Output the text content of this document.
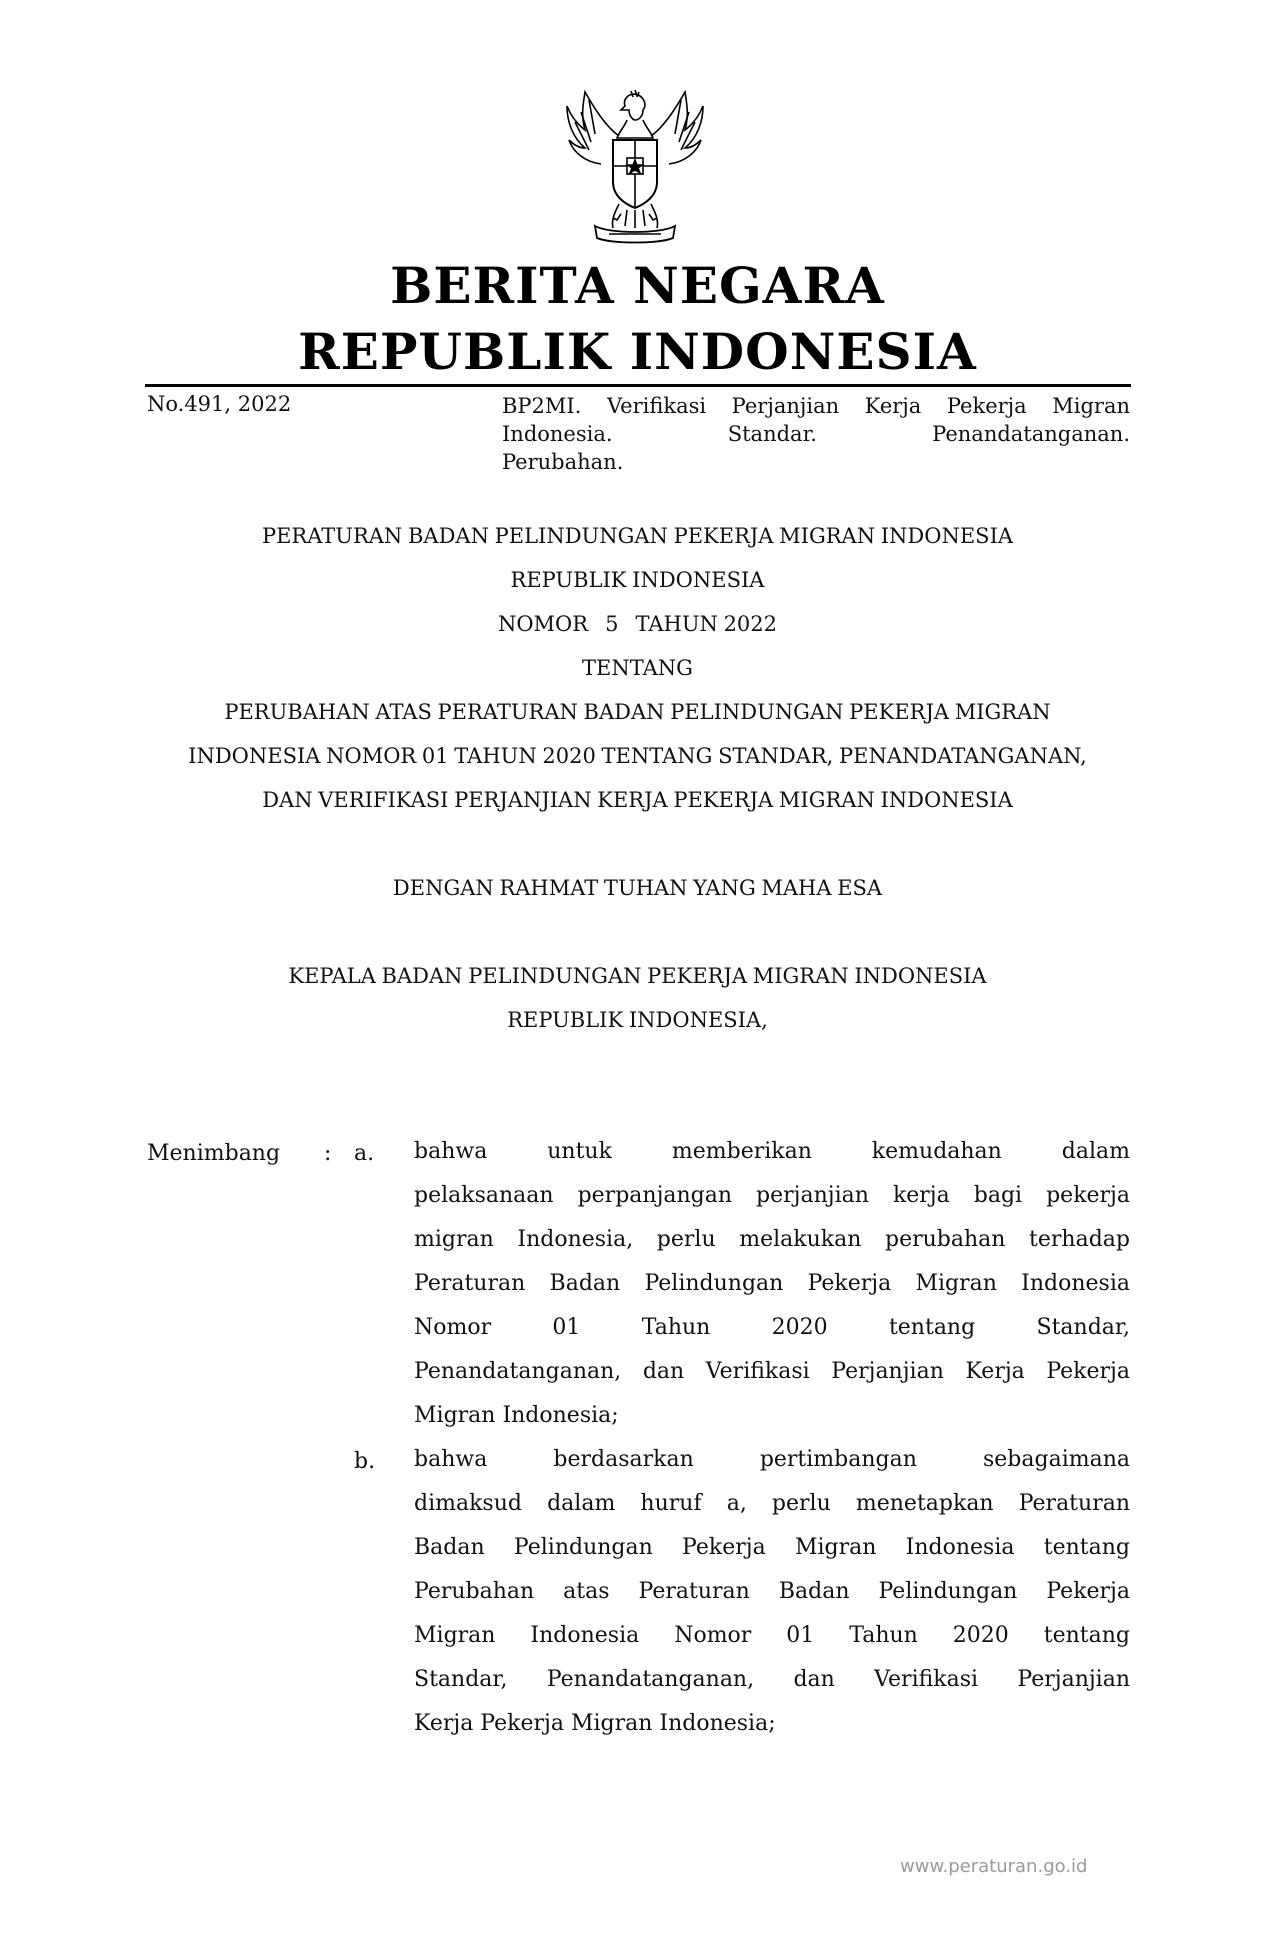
BERITA NEGARA
REPUBLIK INDONESIA
No.491, 2022	BP2MI. Verifikasi Perjanjian Kerja Pekerja Migran
Indonesia. Standar. Penandatanganan.
Perubahan.
PERATURAN BADAN PELINDUNGAN PEKERJA MIGRAN INDONESIA
REPUBLIK INDONESIA
NOMOR   5   TAHUN 2022
TENTANG
PERUBAHAN ATAS PERATURAN BADAN PELINDUNGAN PEKERJA MIGRAN
INDONESIA NOMOR 01 TAHUN 2020 TENTANG STANDAR, PENANDATANGANAN,
DAN VERIFIKASI PERJANJIAN KERJA PEKERJA MIGRAN INDONESIA
DENGAN RAHMAT TUHAN YANG MAHA ESA
KEPALA BADAN PELINDUNGAN PEKERJA MIGRAN INDONESIA
REPUBLIK INDONESIA,
Menimbang : a. bahwa untuk memberikan kemudahan dalam
pelaksanaan perpanjangan perjanjian kerja bagi pekerja
migran Indonesia, perlu melakukan perubahan terhadap
Peraturan Badan Pelindungan Pekerja Migran Indonesia
Nomor 01 Tahun 2020 tentang Standar,
Penandatanganan, dan Verifikasi Perjanjian Kerja Pekerja
Migran Indonesia;
b. bahwa berdasarkan pertimbangan sebagaimana
dimaksud dalam huruf a, perlu menetapkan Peraturan
Badan Pelindungan Pekerja Migran Indonesia tentang
Perubahan atas Peraturan Badan Pelindungan Pekerja
Migran Indonesia Nomor 01 Tahun 2020 tentang
Standar, Penandatanganan, dan Verifikasi Perjanjian
Kerja Pekerja Migran Indonesia;
www.peraturan.go.id
